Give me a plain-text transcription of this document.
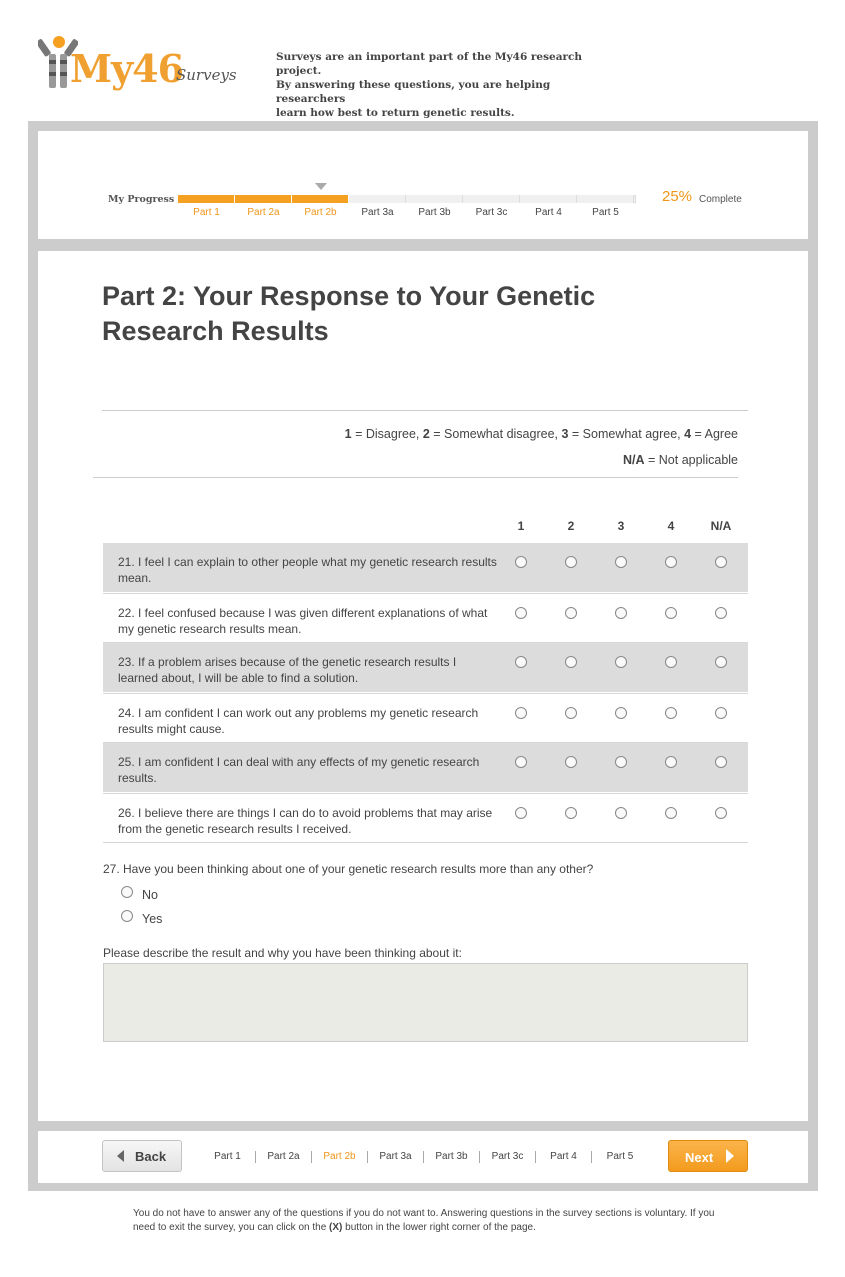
My46
Surveys
Surveys are an important part of the My46 research project.
By answering these questions, you are helping researchers
learn how best to return genetic results.
My Progress
Part 1	Part 2a	Part 2b	Part 3a	Part 3b	Part 3c	Part 4	Part 5
25% Complete
Part 2: Your Response to Your Genetic Research Results
1 = Disagree, 2 = Somewhat disagree, 3 = Somewhat agree, 4 = Agree
N/A = Not applicable
1	2	3	4	N/A
21. I feel I can explain to other people what my genetic research results mean.
22. I feel confused because I was given different explanations of what my genetic research results mean.
23. If a problem arises because of the genetic research results I learned about, I will be able to find a solution.
24. I am confident I can work out any problems my genetic research results might cause.
25. I am confident I can deal with any effects of my genetic research results.
26. I believe there are things I can do to avoid problems that may arise from the genetic research results I received.
27. Have you been thinking about one of your genetic research results more than any other?
No
Yes
Please describe the result and why you have been thinking about it:
Back	Part 1	Part 2a	Part 2b	Part 3a	Part 3b	Part 3c	Part 4	Part 5	Next
You do not have to answer any of the questions if you do not want to. Answering questions in the survey sections is voluntary. If you need to exit the survey, you can click on the (X) button in the lower right corner of the page.
